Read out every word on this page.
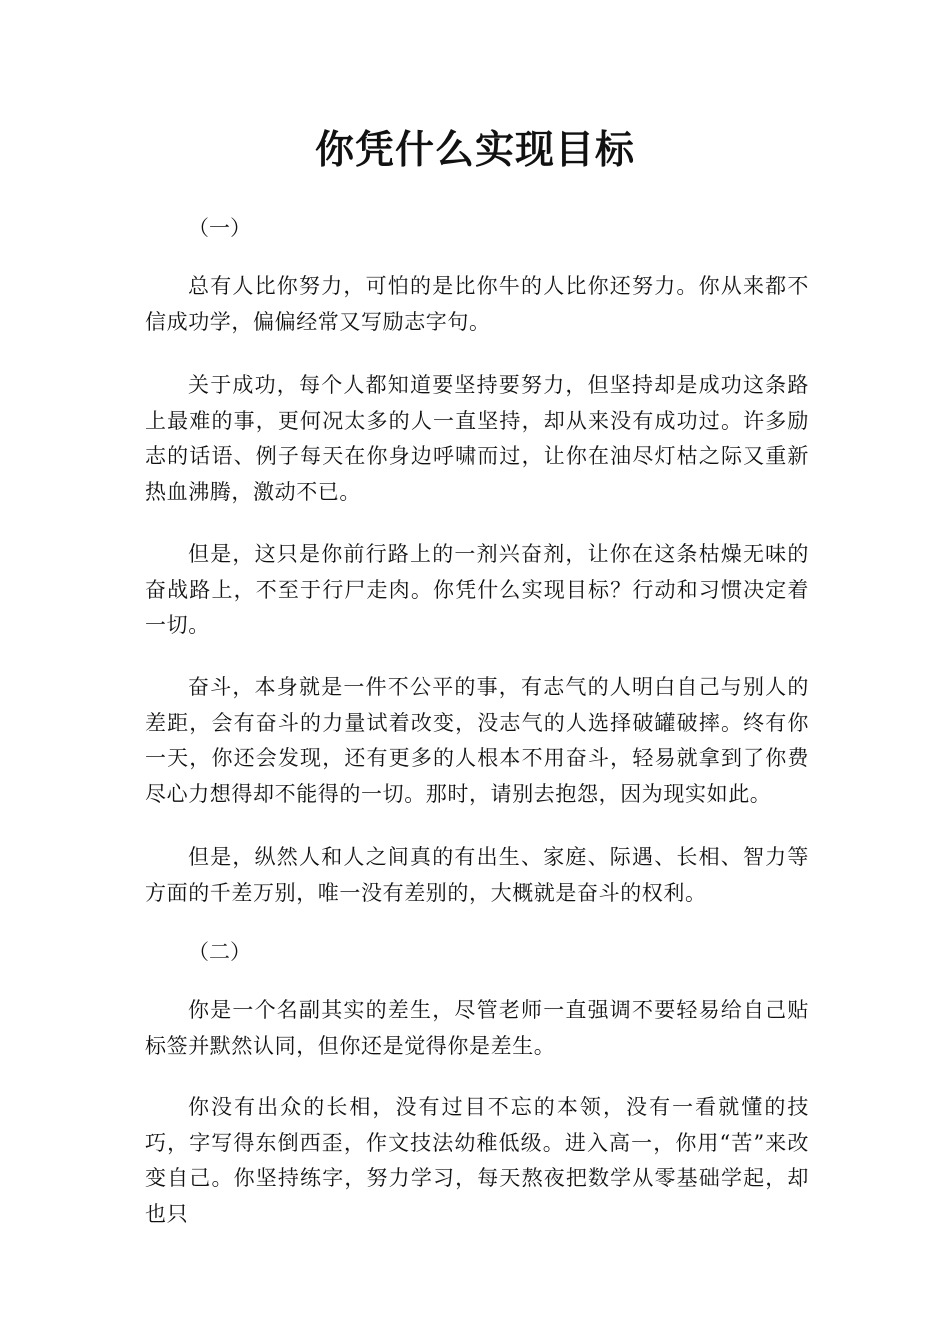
你凭什么实现目标
（一）

总有人比你努力，可怕的是比你牛的人比你还努力。你从来都不信成功学，偏偏经常又写励志字句。

关于成功，每个人都知道要坚持要努力，但坚持却是成功这条路上最难的事，更何况太多的人一直坚持，却从来没有成功过。许多励志的话语、例子每天在你身边呼啸而过，让你在油尽灯枯之际又重新热血沸腾，激动不已。

但是，这只是你前行路上的一剂兴奋剂，让你在这条枯燥无味的奋战路上，不至于行尸走肉。你凭什么实现目标？行动和习惯决定着一切。

奋斗，本身就是一件不公平的事，有志气的人明白自己与别人的差距，会有奋斗的力量试着改变，没志气的人选择破罐破摔。终有你一天，你还会发现，还有更多的人根本不用奋斗，轻易就拿到了你费尽心力想得却不能得的一切。那时，请别去抱怨，因为现实如此。

但是，纵然人和人之间真的有出生、家庭、际遇、长相、智力等方面的千差万别，唯一没有差别的，大概就是奋斗的权利。

（二）

你是一个名副其实的差生，尽管老师一直强调不要轻易给自己贴标签并默然认同，但你还是觉得你是差生。

你没有出众的长相，没有过目不忘的本领，没有一看就懂的技巧，字写得东倒西歪，作文技法幼稚低级。进入高一，你用“苦”来改变自己。你坚持练字，努力学习，每天熬夜把数学从零基础学起，却也只
